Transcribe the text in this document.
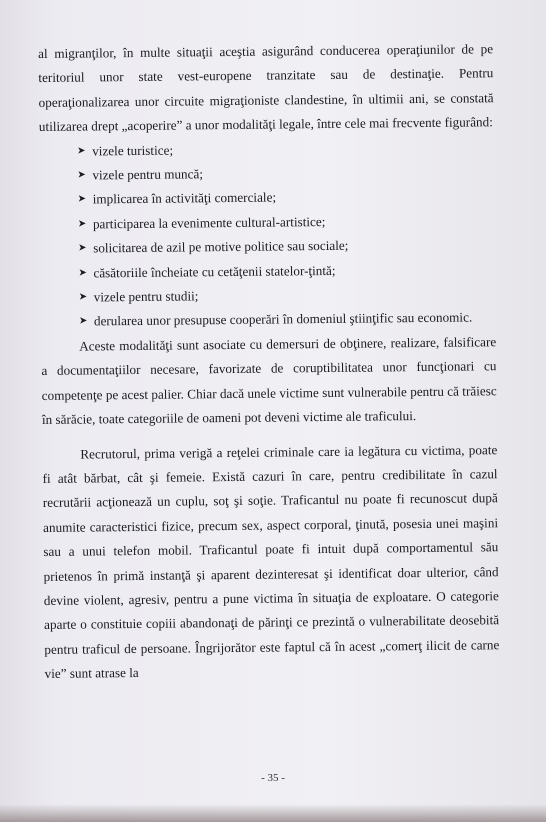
al migranţilor, în multe situaţii aceştia asigurând conducerea operaţiunilor de pe teritoriul unor state vest-europene tranzitate sau de destinaţie. Pentru operaţionalizarea unor circuite migraţioniste clandestine, în ultimii ani, se constată utilizarea drept „acoperire” a unor modalităţi legale, între cele mai frecvente figurând:

➤ vizele turistice;
➤ vizele pentru muncă;
➤ implicarea în activităţi comerciale;
➤ participarea la evenimente cultural-artistice;
➤ solicitarea de azil pe motive politice sau sociale;
➤ căsătoriile încheiate cu cetăţenii statelor-ţintă;
➤ vizele pentru studii;
➤ derularea unor presupuse cooperări în domeniul ştiinţific sau economic.

Aceste modalităţi sunt asociate cu demersuri de obţinere, realizare, falsificare a documentaţiilor necesare, favorizate de coruptibilitatea unor funcţionari cu competenţe pe acest palier. Chiar dacă unele victime sunt vulnerabile pentru că trăiesc în sărăcie, toate categoriile de oameni pot deveni victime ale traficului.

Recrutorul, prima verigă a reţelei criminale care ia legătura cu victima, poate fi atât bărbat, cât şi femeie. Există cazuri în care, pentru credibilitate în cazul recrutării acţionează un cuplu, soţ şi soţie. Traficantul nu poate fi recunoscut după anumite caracteristici fizice, precum sex, aspect corporal, ţinută, posesia unei maşini sau a unui telefon mobil. Traficantul poate fi intuit după comportamentul său prietenos în primă instanţă şi aparent dezinteresat şi identificat doar ulterior, când devine violent, agresiv, pentru a pune victima în situaţia de exploatare. O categorie aparte o constituie copiii abandonaţi de părinţi ce prezintă o vulnerabilitate deosebită pentru traficul de persoane. Îngrijorător este faptul că în acest „comerţ ilicit de carne vie” sunt atrase la

- 35 -
